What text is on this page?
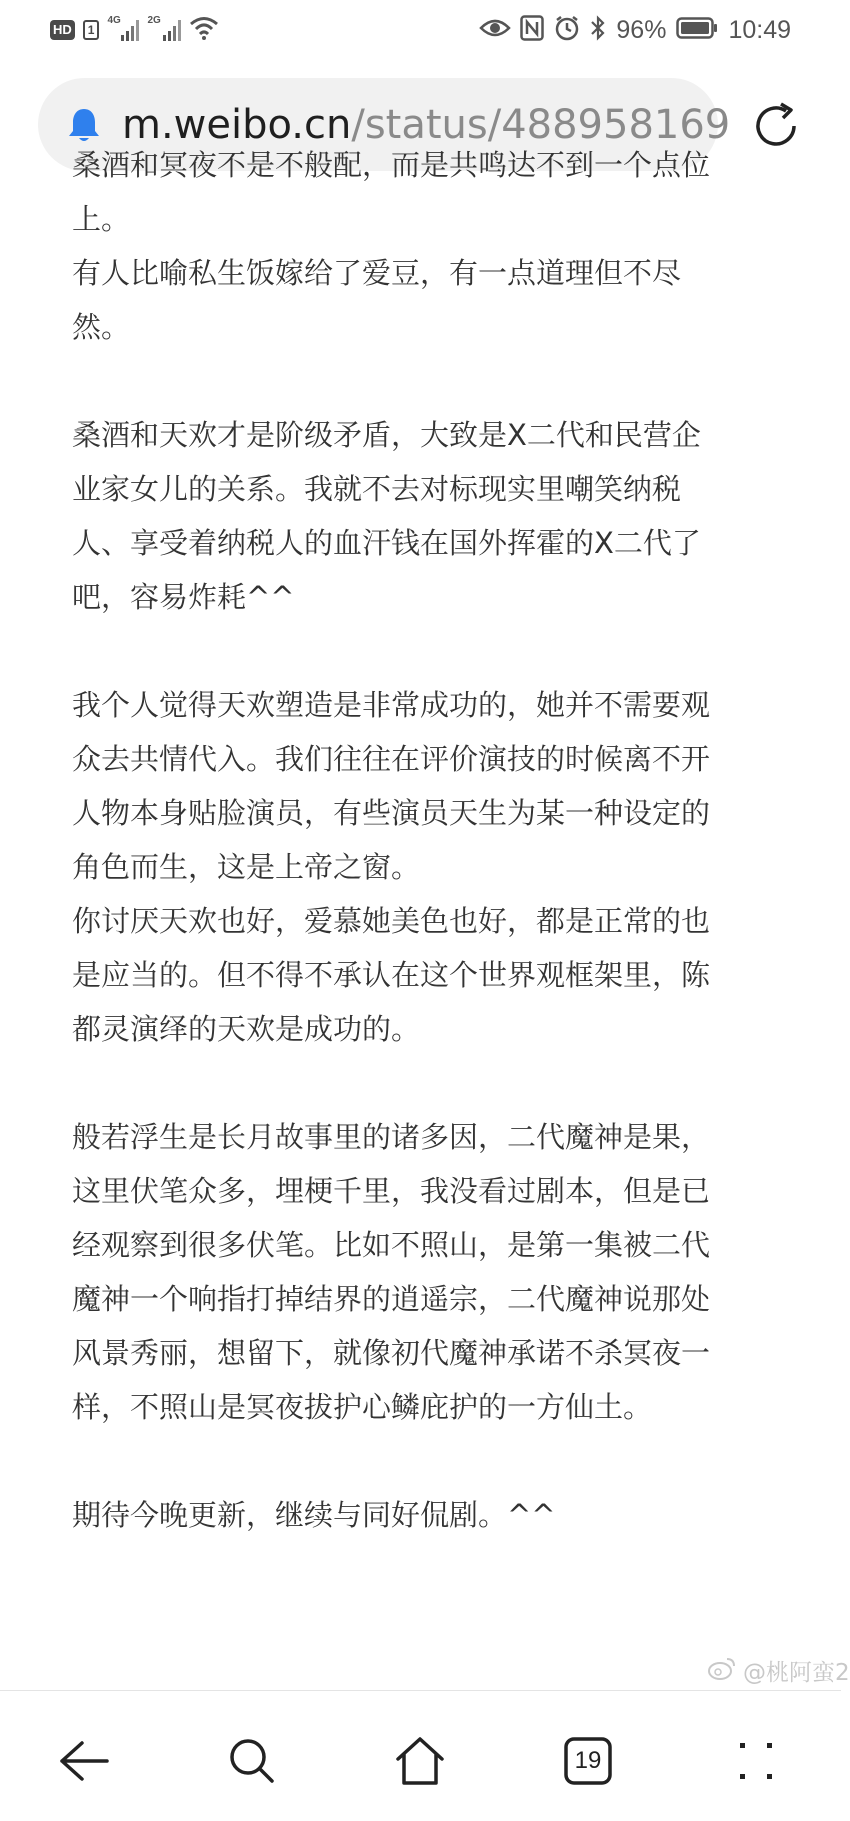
HD	1
4G	2G	96% 10:49
m.weibo.cn/status/488958169
桑酒和冥夜不是不般配，而是共鸣达不到一个点位
上。
有人比喻私生饭嫁给了爱豆，有一点道理但不尽
然。
桑酒和天欢才是阶级矛盾，大致是X二代和民营企
业家女儿的关系。我就不去对标现实里嘲笑纳税
人、享受着纳税人的血汗钱在国外挥霍的X二代了
吧，容易炸耗^^
我个人觉得天欢塑造是非常成功的，她并不需要观
众去共情代入。我们往往在评价演技的时候离不开
人物本身贴脸演员，有些演员天生为某一种设定的
角色而生，这是上帝之窗。
你讨厌天欢也好，爱慕她美色也好，都是正常的也
是应当的。但不得不承认在这个世界观框架里，陈
都灵演绎的天欢是成功的。
般若浮生是长月故事里的诸多因，二代魔神是果，
这里伏笔众多，埋梗千里，我没看过剧本，但是已
经观察到很多伏笔。比如不照山，是第一集被二代
魔神一个响指打掉结界的逍遥宗，二代魔神说那处
风景秀丽，想留下，就像初代魔神承诺不杀冥夜一
样，不照山是冥夜拔护心鳞庇护的一方仙土。
期待今晚更新，继续与同好侃剧。^^
@桃阿蛮2
19
